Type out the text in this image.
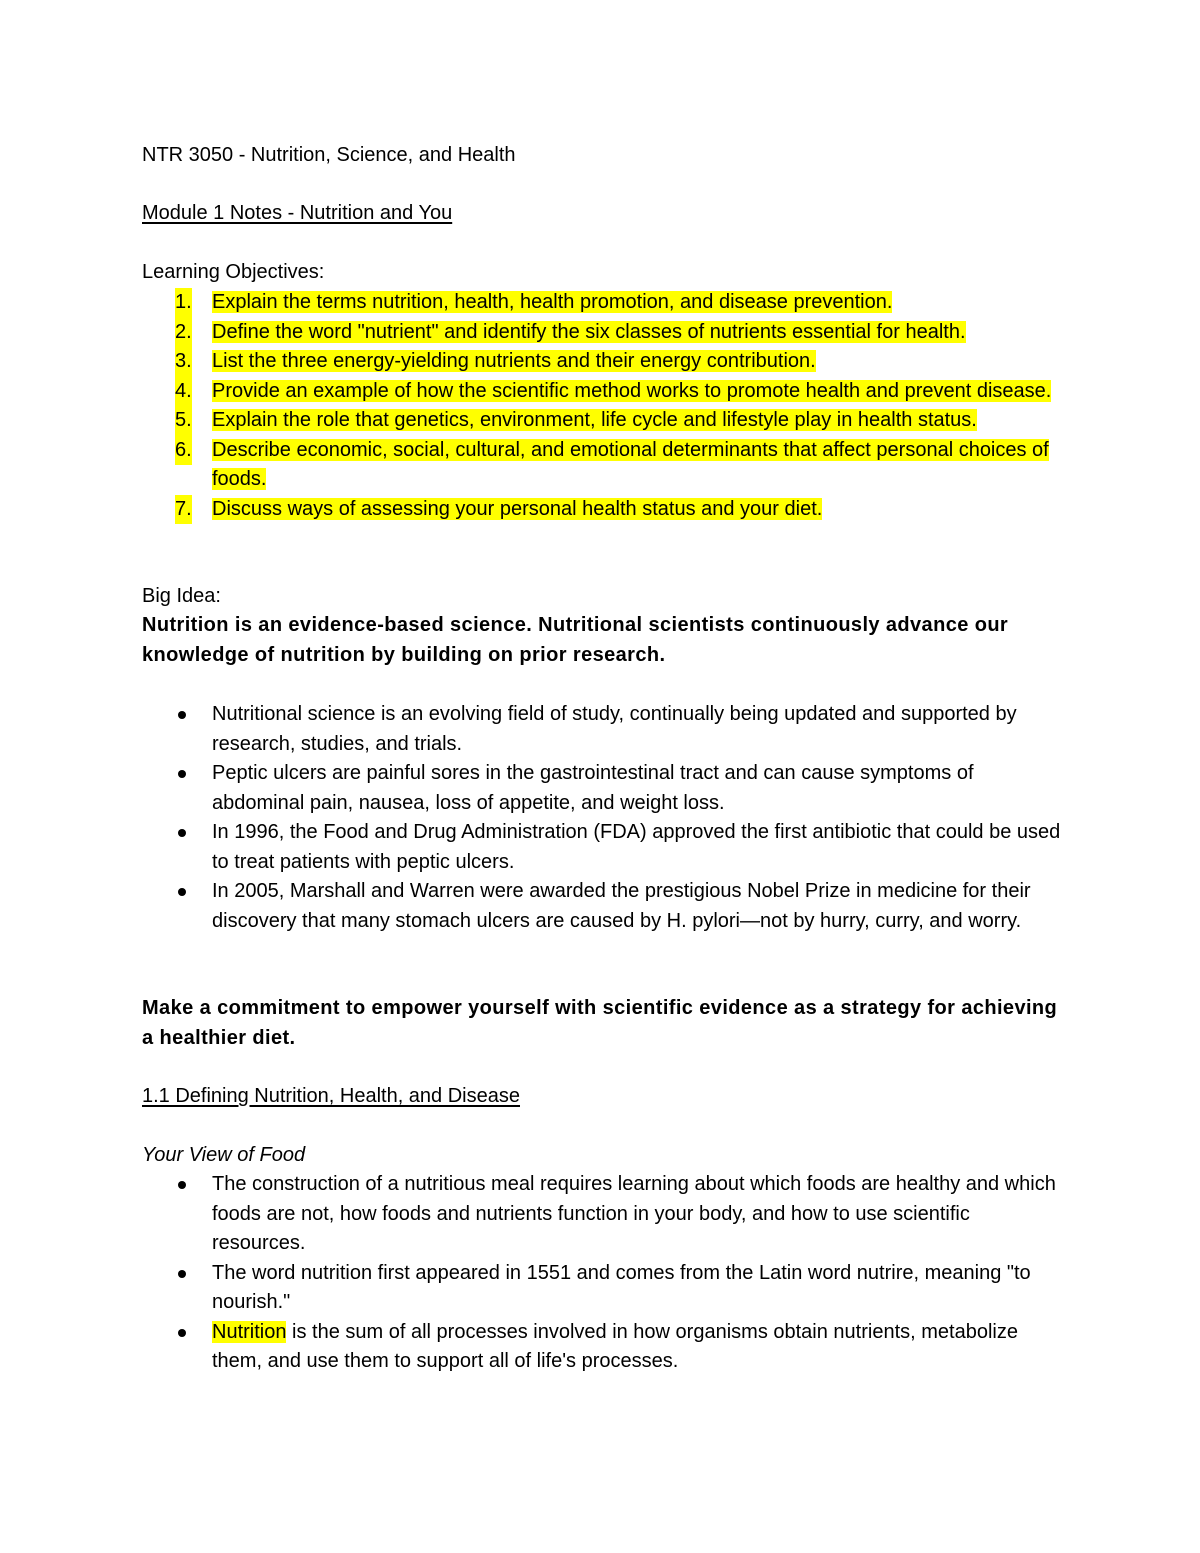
NTR 3050 - Nutrition, Science, and Health
Module 1 Notes - Nutrition and You
Learning Objectives:
1. Explain the terms nutrition, health, health promotion, and disease prevention.
2. Define the word "nutrient" and identify the six classes of nutrients essential for health.
3. List the three energy-yielding nutrients and their energy contribution.
4. Provide an example of how the scientific method works to promote health and prevent disease.
5. Explain the role that genetics, environment, life cycle and lifestyle play in health status.
6. Describe economic, social, cultural, and emotional determinants that affect personal choices of foods.
7. Discuss ways of assessing your personal health status and your diet.
Big Idea:
Nutrition is an evidence-based science. Nutritional scientists continuously advance our knowledge of nutrition by building on prior research.
Nutritional science is an evolving field of study, continually being updated and supported by research, studies, and trials.
Peptic ulcers are painful sores in the gastrointestinal tract and can cause symptoms of abdominal pain, nausea, loss of appetite, and weight loss.
In 1996, the Food and Drug Administration (FDA) approved the first antibiotic that could be used to treat patients with peptic ulcers.
In 2005, Marshall and Warren were awarded the prestigious Nobel Prize in medicine for their discovery that many stomach ulcers are caused by H. pylori—not by hurry, curry, and worry.
Make a commitment to empower yourself with scientific evidence as a strategy for achieving a healthier diet.
1.1 Defining Nutrition, Health, and Disease
Your View of Food
The construction of a nutritious meal requires learning about which foods are healthy and which foods are not, how foods and nutrients function in your body, and how to use scientific resources.
The word nutrition first appeared in 1551 and comes from the Latin word nutrire, meaning "to nourish."
Nutrition is the sum of all processes involved in how organisms obtain nutrients, metabolize them, and use them to support all of life's processes.
